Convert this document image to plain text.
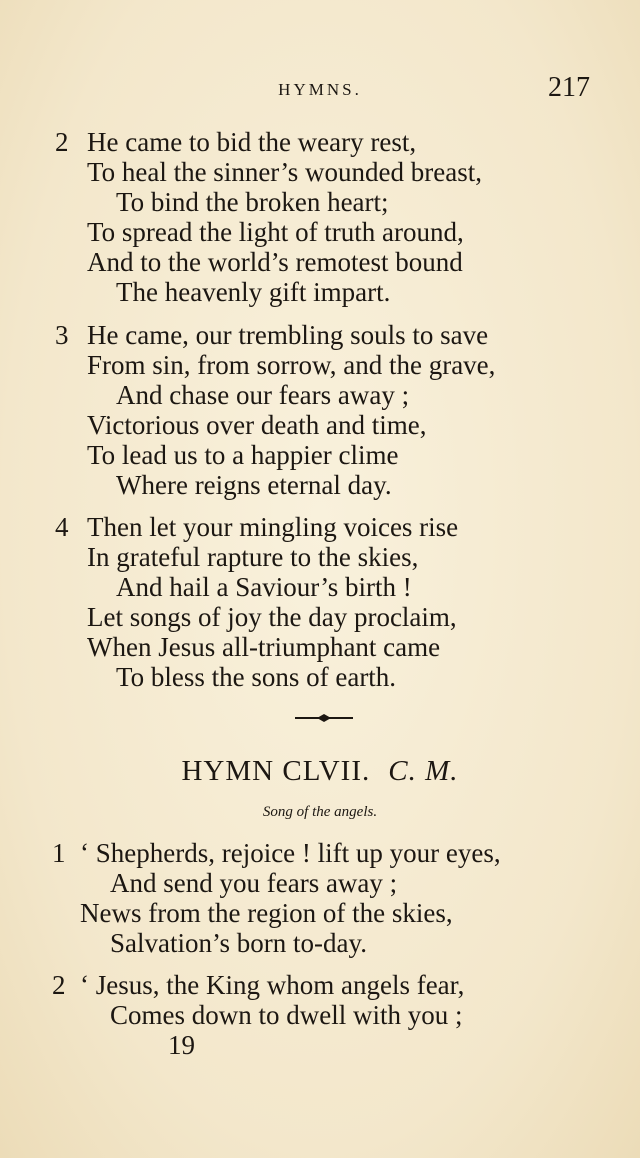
HYMNS.	217
2 He came to bid the weary rest,
To heal the sinner’s wounded breast,
To bind the broken heart;
To spread the light of truth around,
And to the world’s remotest bound
The heavenly gift impart.
3 He came, our trembling souls to save
From sin, from sorrow, and the grave,
And chase our fears away ;
Victorious over death and time,
To lead us to a happier clime
Where reigns eternal day.
4 Then let your mingling voices rise
In grateful rapture to the skies,
And hail a Saviour’s birth !
Let songs of joy the day proclaim,
When Jesus all-triumphant came
To bless the sons of earth.
HYMN CLVII. C. M.
Song of the angels.
1 ‘ Shepherds, rejoice ! lift up your eyes,
And send you fears away ;
News from the region of the skies,
Salvation’s born to-day.
2 ‘ Jesus, the King whom angels fear,
Comes down to dwell with you ;
19
